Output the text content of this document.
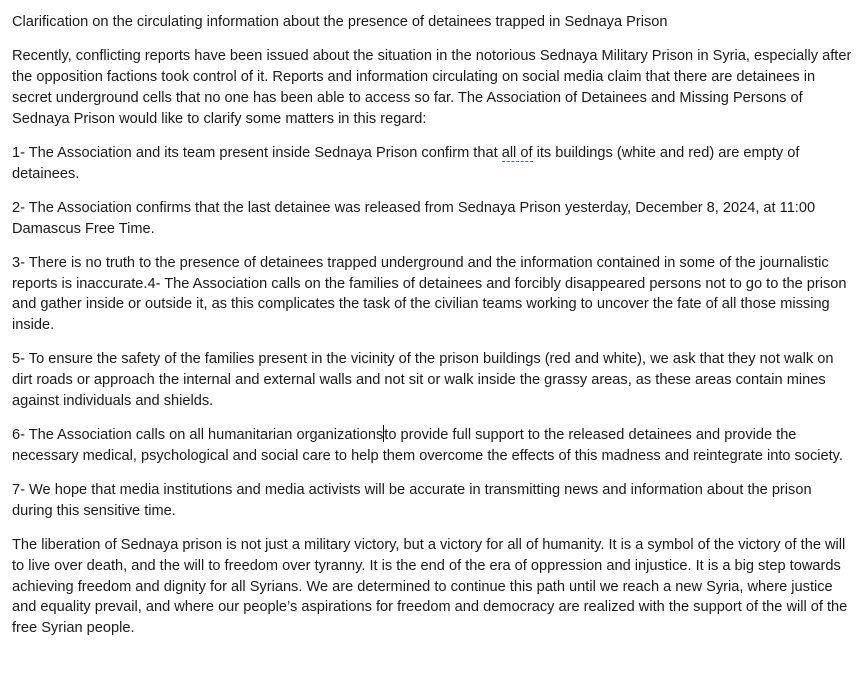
Clarification on the circulating information about the presence of detainees trapped in Sednaya Prison

Recently, conflicting reports have been issued about the situation in the notorious Sednaya Military Prison in Syria, especially after the opposition factions took control of it. Reports and information circulating on social media claim that there are detainees in secret underground cells that no one has been able to access so far. The Association of Detainees and Missing Persons of Sednaya Prison would like to clarify some matters in this regard:

1- The Association and its team present inside Sednaya Prison confirm that all of its buildings (white and red) are empty of detainees.

2- The Association confirms that the last detainee was released from Sednaya Prison yesterday, December 8, 2024, at 11:00 Damascus Free Time.

3- There is no truth to the presence of detainees trapped underground and the information contained in some of the journalistic reports is inaccurate.4- The Association calls on the families of detainees and forcibly disappeared persons not to go to the prison and gather inside or outside it, as this complicates the task of the civilian teams working to uncover the fate of all those missing inside.

5- To ensure the safety of the families present in the vicinity of the prison buildings (red and white), we ask that they not walk on dirt roads or approach the internal and external walls and not sit or walk inside the grassy areas, as these areas contain mines against individuals and shields.

6- The Association calls on all humanitarian organizationsto provide full support to the released detainees and provide the necessary medical, psychological and social care to help them overcome the effects of this madness and reintegrate into society.

7- We hope that media institutions and media activists will be accurate in transmitting news and information about the prison during this sensitive time.

The liberation of Sednaya prison is not just a military victory, but a victory for all of humanity. It is a symbol of the victory of the will to live over death, and the will to freedom over tyranny. It is the end of the era of oppression and injustice. It is a big step towards achieving freedom and dignity for all Syrians. We are determined to continue this path until we reach a new Syria, where justice and equality prevail, and where our people’s aspirations for freedom and democracy are realized with the support of the will of the free Syrian people.
